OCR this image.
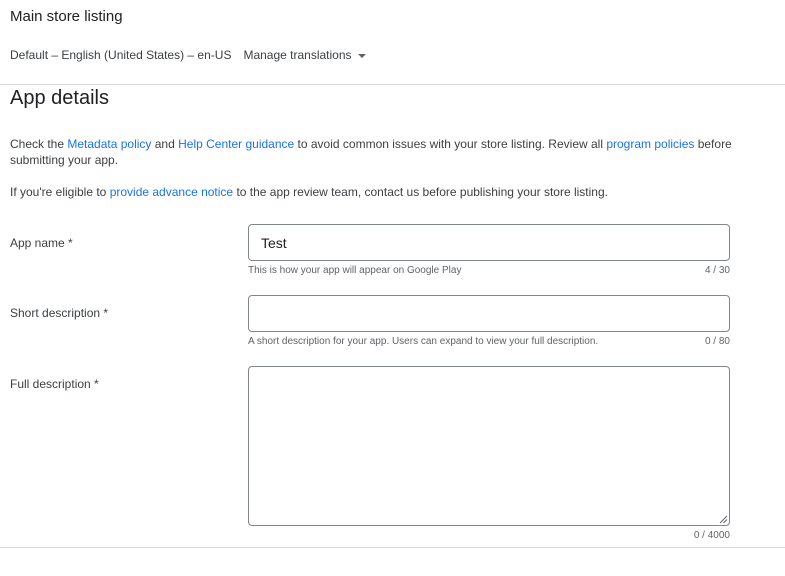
Main store listing
Default – English (United States) – en-US Manage translations
App details
Check the Metadata policy and Help Center guidance to avoid common issues with your store listing. Review all program policies before submitting your app.
If you're eligible to provide advance notice to the app review team, contact us before publishing your store listing.
App name *
Test
This is how your app will appear on Google Play	4 / 30
Short description *
A short description for your app. Users can expand to view your full description.	0 / 80
Full description *
0 / 4000
